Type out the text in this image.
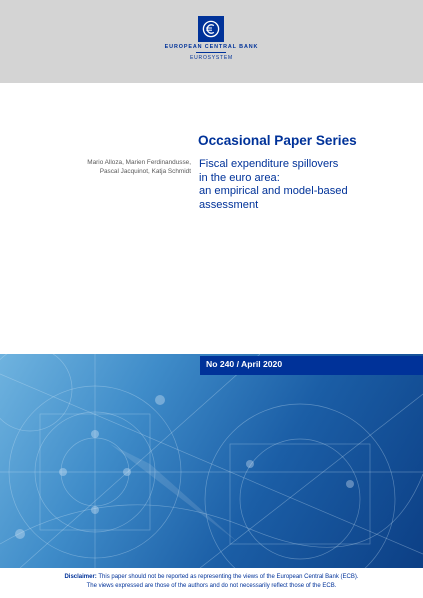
EUROPEAN CENTRAL BANK
EUROSYSTEM
Occasional Paper Series
Mario Alloza, Marien Ferdinandusse,
Pascal Jacquinot, Katja Schmidt
Fiscal expenditure spillovers
in the euro area:
an empirical and model-based
assessment
No 240 / April 2020
Disclaimer: This paper should not be reported as representing the views of the European Central Bank (ECB).
The views expressed are those of the authors and do not necessarily reflect those of the ECB.
